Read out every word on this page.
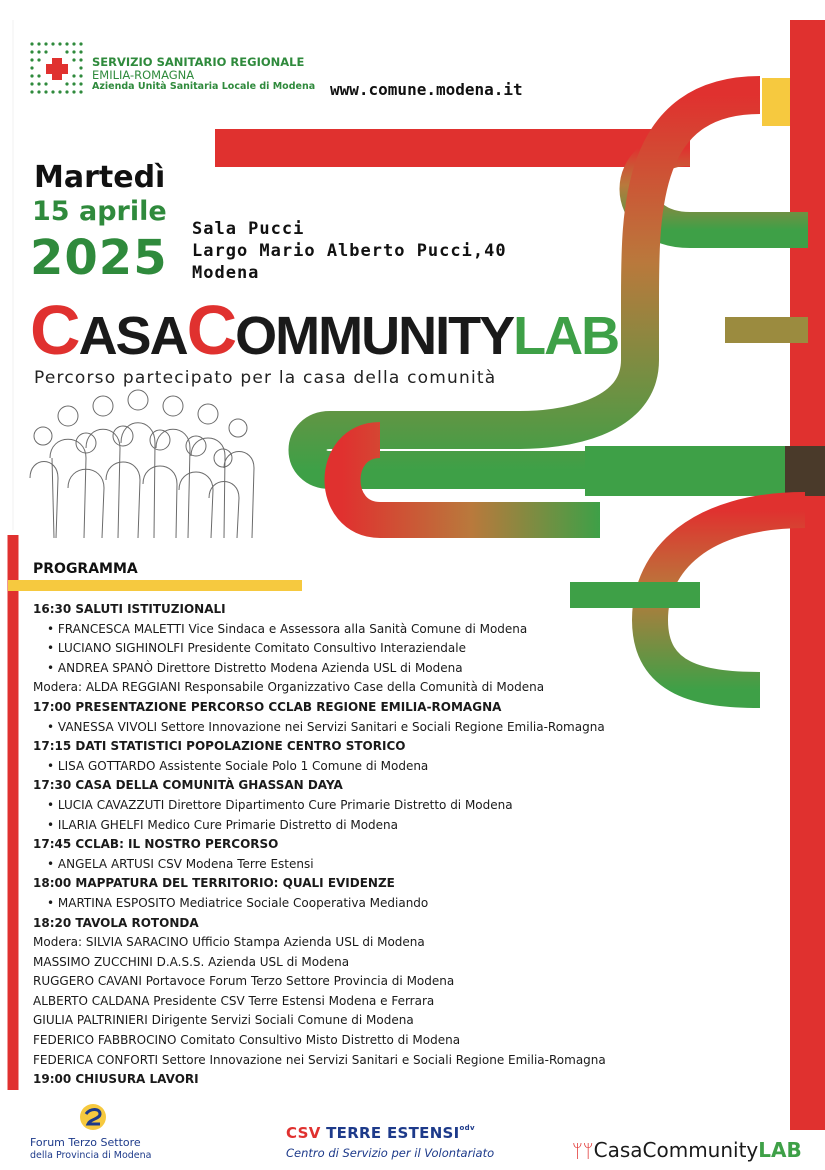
SERVIZIO SANITARIO REGIONALE
EMILIA-ROMAGNA
Azienda Unità Sanitaria Locale di Modena www.comune.modena.it
Martedì
15 aprile
2025
Sala Pucci
Largo Mario Alberto Pucci,40
Modena
CASACOMMUNITYLAB
Percorso partecipato per la casa della comunità
PROGRAMMA
16:30 SALUTI ISTITUZIONALI
• FRANCESCA MALETTI Vice Sindaca e Assessora alla Sanità Comune di Modena
• LUCIANO SIGHINOLFI Presidente Comitato Consultivo Interaziendale
• ANDREA SPANÒ Direttore Distretto Modena Azienda USL di Modena
Modera: ALDA REGGIANI Responsabile Organizzativo Case della Comunità di Modena
17:00 PRESENTAZIONE PERCORSO CCLAB REGIONE EMILIA-ROMAGNA
• VANESSA VIVOLI Settore Innovazione nei Servizi Sanitari e Sociali Regione Emilia-Romagna
17:15 DATI STATISTICI POPOLAZIONE CENTRO STORICO
• LISA GOTTARDO Assistente Sociale Polo 1 Comune di Modena
17:30 CASA DELLA COMUNITÀ GHASSAN DAYA
• LUCIA CAVAZZUTI Direttore Dipartimento Cure Primarie Distretto di Modena
• ILARIA GHELFI Medico Cure Primarie Distretto di Modena
17:45 CCLAB: IL NOSTRO PERCORSO
• ANGELA ARTUSI CSV Modena Terre Estensi
18:00 MAPPATURA DEL TERRITORIO: QUALI EVIDENZE
• MARTINA ESPOSITO Mediatrice Sociale Cooperativa Mediando
18:20 TAVOLA ROTONDA
Modera: SILVIA SARACINO Ufficio Stampa Azienda USL di Modena
MASSIMO ZUCCHINI D.A.S.S. Azienda USL di Modena
RUGGERO CAVANI Portavoce Forum Terzo Settore Provincia di Modena
ALBERTO CALDANA Presidente CSV Terre Estensi Modena e Ferrara
GIULIA PALTRINIERI Dirigente Servizi Sociali Comune di Modena
FEDERICO FABBROCINO Comitato Consultivo Misto Distretto di Modena
FEDERICA CONFORTI Settore Innovazione nei Servizi Sanitari e Sociali Regione Emilia-Romagna
19:00 CHIUSURA LAVORI
Forum Terzo Settore
della Provincia di Modena
CSV TERRE $ESTENSI^{odv}$
Centro di Servizio per il Volontariato	ᛘᛘCasaCommunityLAB
